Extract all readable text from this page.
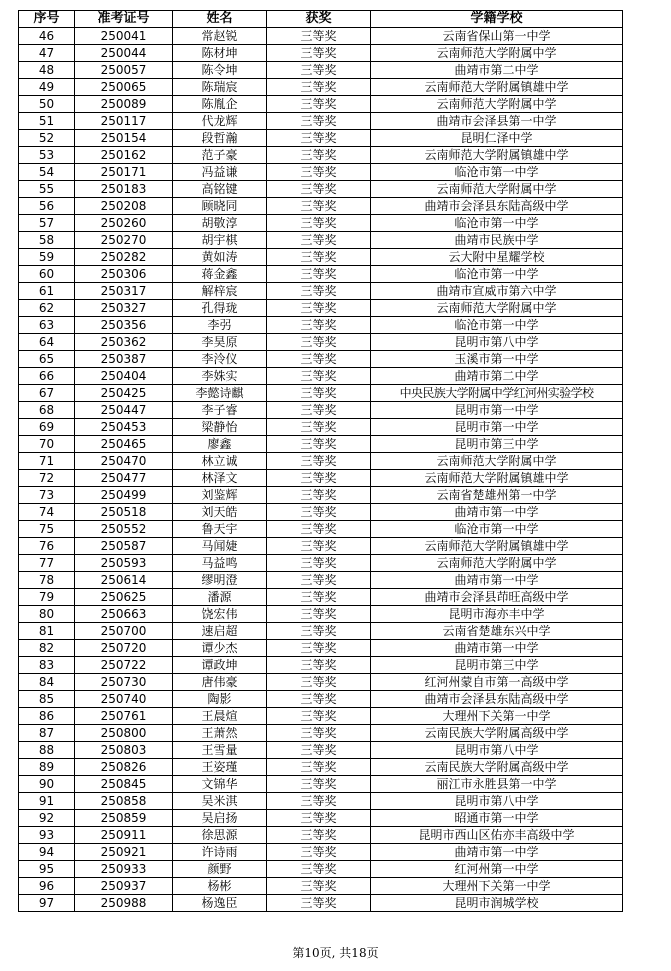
序号	准考证号	姓名	获奖	学籍学校
46	250041	常赵锐	三等奖	云南省保山第一中学
47	250044	陈材坤	三等奖	云南师范大学附属中学
48	250057	陈令坤	三等奖	曲靖市第二中学
49	250065	陈瑞宸	三等奖	云南师范大学附属镇雄中学
50	250089	陈胤企	三等奖	云南师范大学附属中学
51	250117	代龙辉	三等奖	曲靖市会泽县第一中学
52	250154	段哲瀚	三等奖	昆明仁泽中学
53	250162	范子豪	三等奖	云南师范大学附属镇雄中学
54	250171	冯益谦	三等奖	临沧市第一中学
55	250183	高铭键	三等奖	云南师范大学附属中学
56	250208	顾晓同	三等奖	曲靖市会泽县东陆高级中学
57	250260	胡敬淳	三等奖	临沧市第一中学
58	250270	胡宇棋	三等奖	曲靖市民族中学
59	250282	黄如涛	三等奖	云大附中星耀学校
60	250306	蒋金鑫	三等奖	临沧市第一中学
61	250317	解梓宸	三等奖	曲靖市宣威市第六中学
62	250327	孔得珑	三等奖	云南师范大学附属中学
63	250356	李弜	三等奖	临沧市第一中学
64	250362	李昊原	三等奖	昆明市第八中学
65	250387	李泠仪	三等奖	玉溪市第一中学
66	250404	李姝实	三等奖	曲靖市第二中学
67	250425	李懿诗麒	三等奖	中央民族大学附属中学红河州实验学校
68	250447	李子睿	三等奖	昆明市第一中学
69	250453	梁静怡	三等奖	昆明市第一中学
70	250465	廖鑫	三等奖	昆明市第三中学
71	250470	林立诚	三等奖	云南师范大学附属中学
72	250477	林泽文	三等奖	云南师范大学附属镇雄中学
73	250499	刘鉴辉	三等奖	云南省楚雄州第一中学
74	250518	刘天皓	三等奖	曲靖市第一中学
75	250552	鲁天宇	三等奖	临沧市第一中学
76	250587	马闻婕	三等奖	云南师范大学附属镇雄中学
77	250593	马益鸣	三等奖	云南师范大学附属中学
78	250614	缪明澄	三等奖	曲靖市第一中学
79	250625	潘源	三等奖	曲靖市会泽县茚旺高级中学
80	250663	饶宏伟	三等奖	昆明市海亦丰中学
81	250700	速启超	三等奖	云南省楚雄东兴中学
82	250720	谭少杰	三等奖	曲靖市第一中学
83	250722	谭政坤	三等奖	昆明市第三中学
84	250730	唐伟豪	三等奖	红河州蒙自市第一高级中学
85	250740	陶影	三等奖	曲靖市会泽县东陆高级中学
86	250761	王晨煊	三等奖	大理州下关第一中学
87	250800	王萧然	三等奖	云南民族大学附属高级中学
88	250803	王雪量	三等奖	昆明市第八中学
89	250826	王姿瑾	三等奖	云南民族大学附属高级中学
90	250845	文锦华	三等奖	丽江市永胜县第一中学
91	250858	吴米淇	三等奖	昆明市第八中学
92	250859	吴启扬	三等奖	昭通市第一中学
93	250911	徐思源	三等奖	昆明市西山区佑亦丰高级中学
94	250921	许诗雨	三等奖	曲靖市第一中学
95	250933	颜野	三等奖	红河州第一中学
96	250937	杨彬	三等奖	大理州下关第一中学
97	250988	杨逸臣	三等奖	昆明市润城学校
第10页, 共18页
